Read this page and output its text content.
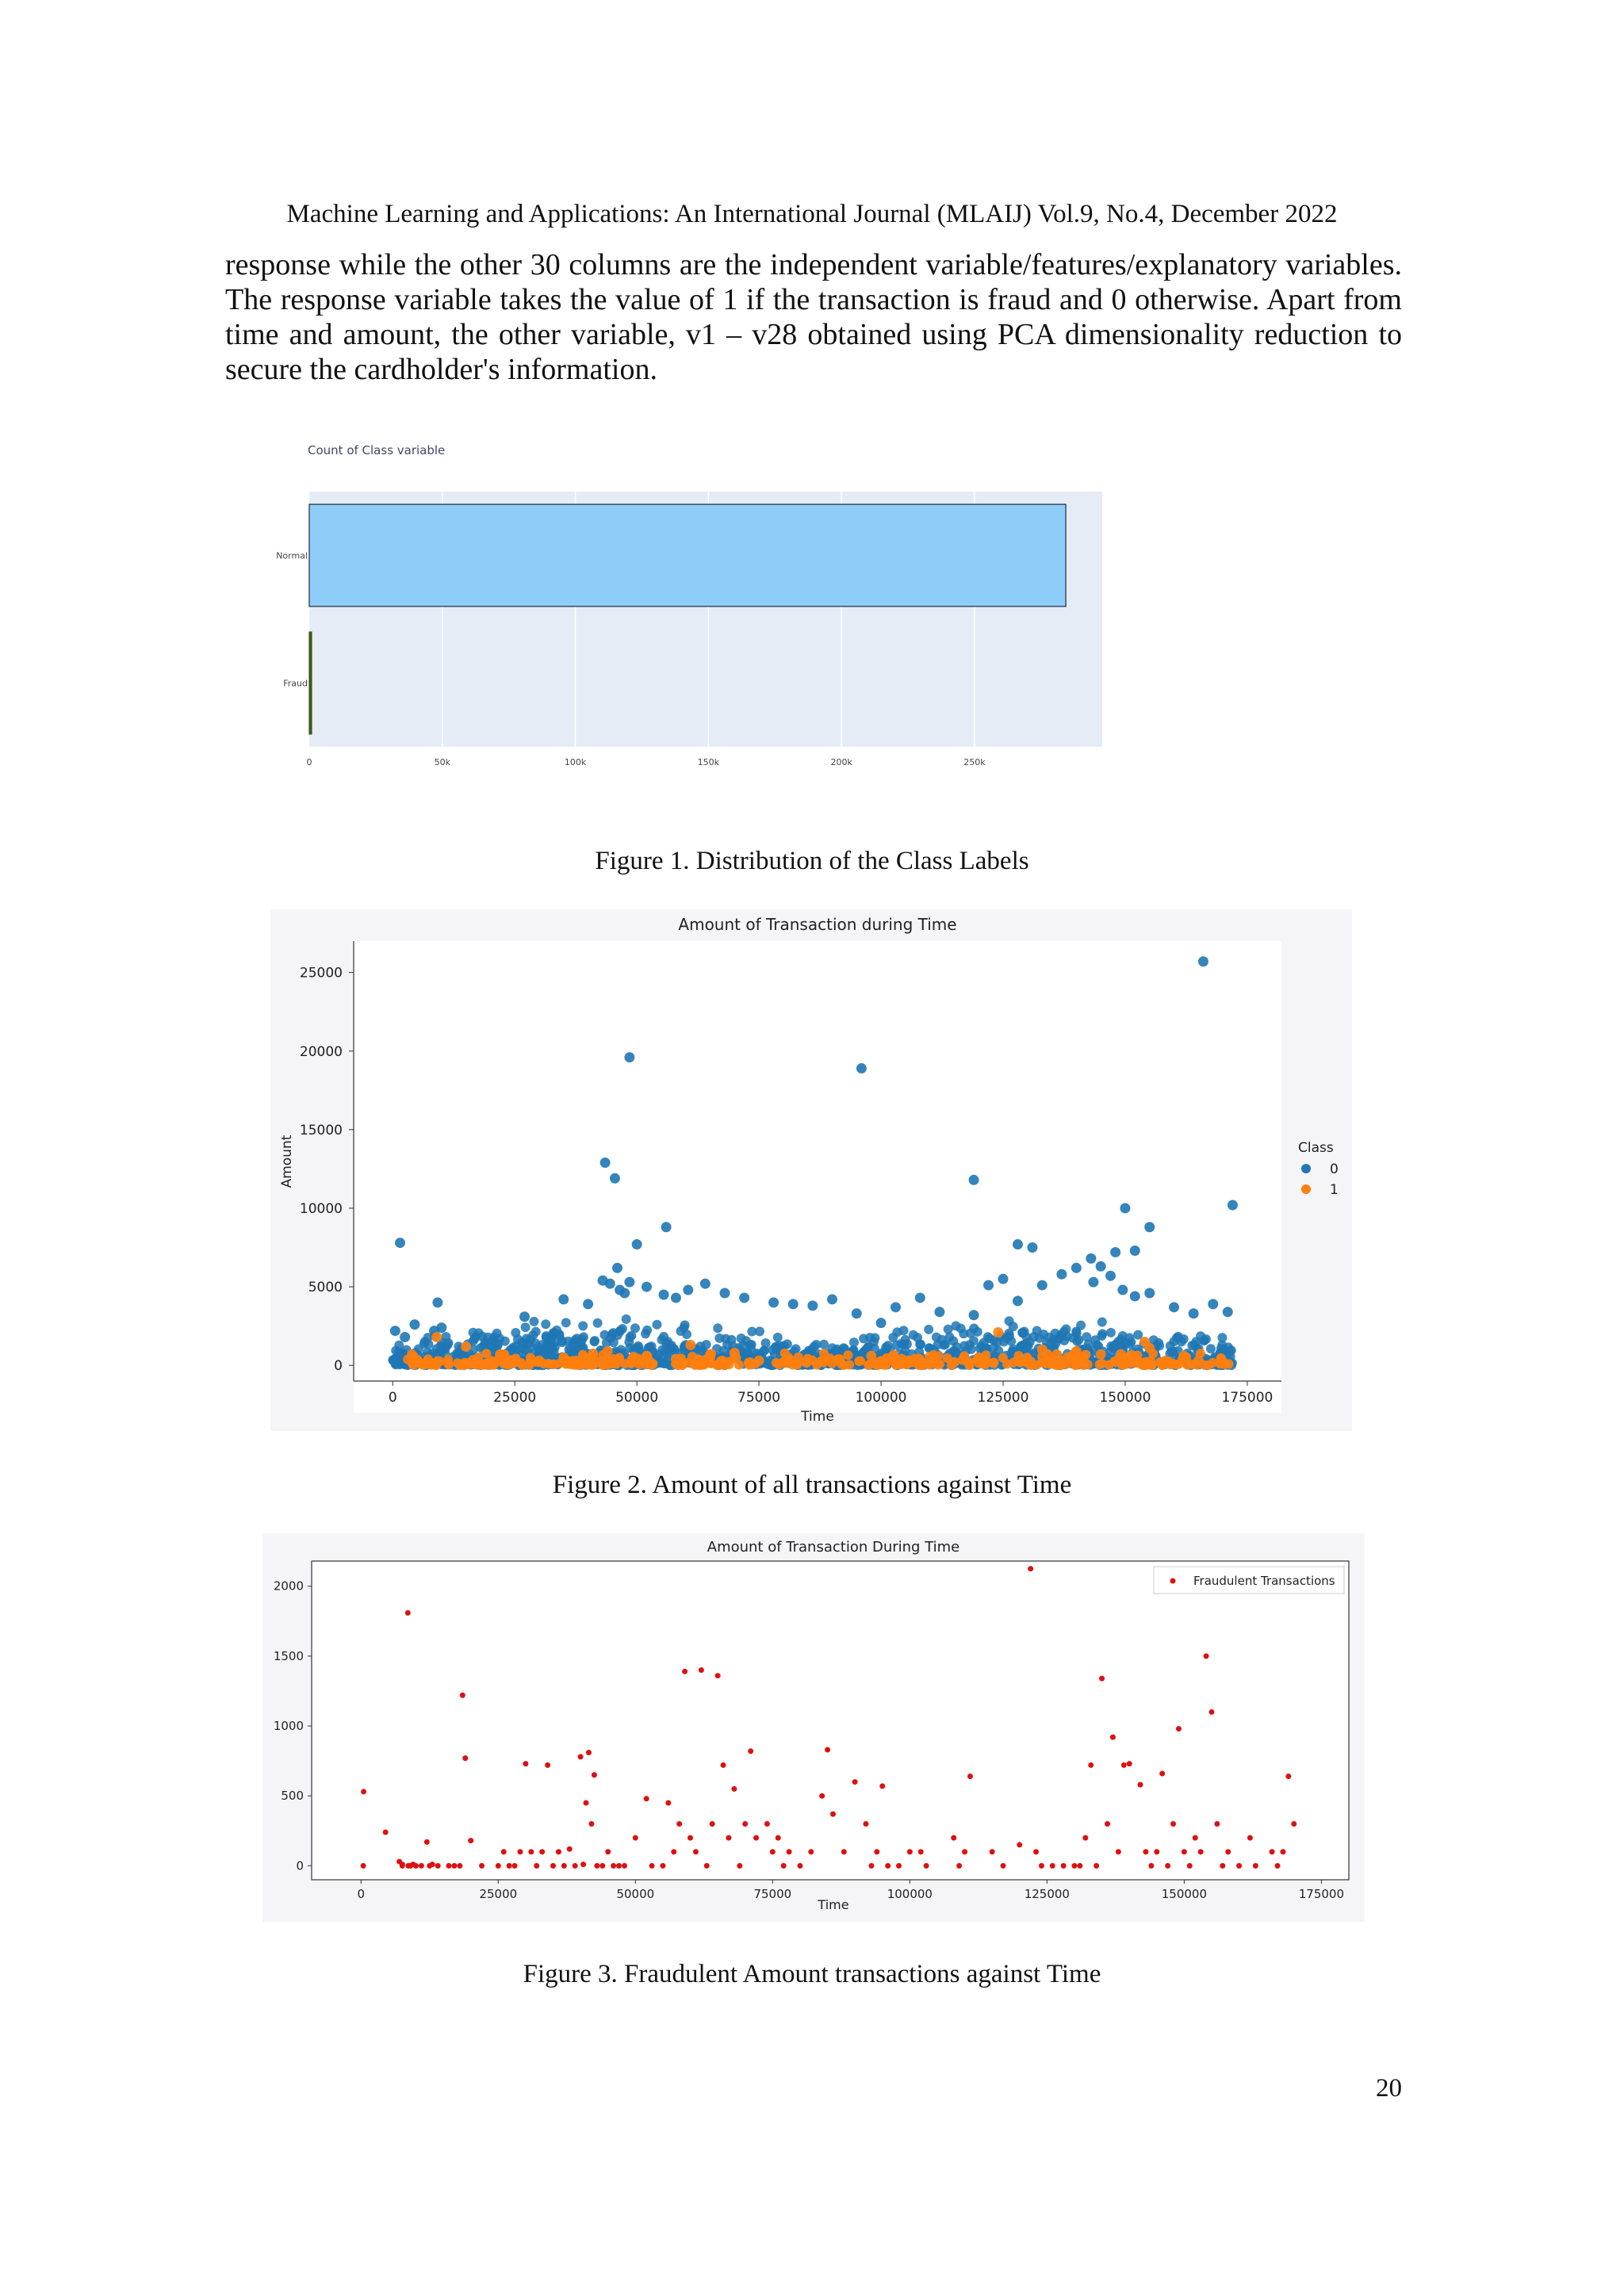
Machine Learning and Applications: An International Journal (MLAIJ) Vol.9, No.4, December 2022

response while the other 30 columns are the independent variable/features/explanatory variables. The response variable takes the value of 1 if the transaction is fraud and 0 otherwise. Apart from time and amount, the other variable, v1 – v28 obtained using PCA dimensionality reduction to secure the cardholder's information.

Count of Class variable
Normal
Fraud
0	50k	100k	150k	200k	250k
Figure 1. Distribution of the Class Labels
Amount of Transaction during Time
0	25000	50000	75000	100000	125000	150000	175000
0
5000
10000
15000
20000
25000
Time
Amount	Class
0
1
Figure 2. Amount of all transactions against Time
Amount of Transaction During Time
0	25000	50000	75000	100000	125000	150000	175000
0
500
1000
1500
2000
Time
Fraudulent Transactions
Figure 3. Fraudulent Amount transactions against Time
20
